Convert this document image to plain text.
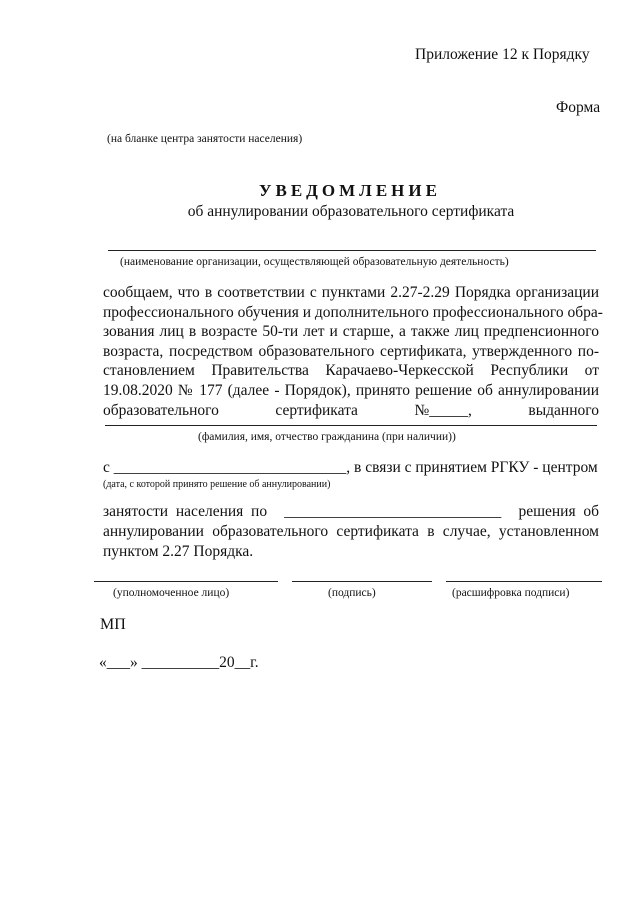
Приложение 12 к Порядку
Форма
(на бланке центра занятости населения)
УВЕДОМЛЕНИЕ
об аннулировании образовательного сертификата
(наименование организации, осуществляющей образовательную деятельность)
сообщаем, что в соответствии с пунктами 2.27-2.29 Порядка организации
профессионального обучения и дополнительного профессионального обра-
зования лиц в возрасте 50-ти лет и старше, а также лиц предпенсионного
возраста, посредством образовательного сертификата, утвержденного по-
становлением Правительства Карачаево-Черкесской Республики от
19.08.2020 № 177 (далее - Порядок), принято решение об аннулировании
образовательного	сертификата	№_____,	выданного
(фамилия, имя, отчество гражданина (при наличии))
с ______________________________, в связи с принятием РГКУ - центром
(дата, с которой принято решение об аннулировании)
занятости  населения  по ____________________________ решения  об
аннулировании образовательного сертификата в случае, установленном
пунктом 2.27 Порядка.
(уполномоченное лицо)	(подпись)	(расшифровка подписи)
МП
«___» __________20__г.
